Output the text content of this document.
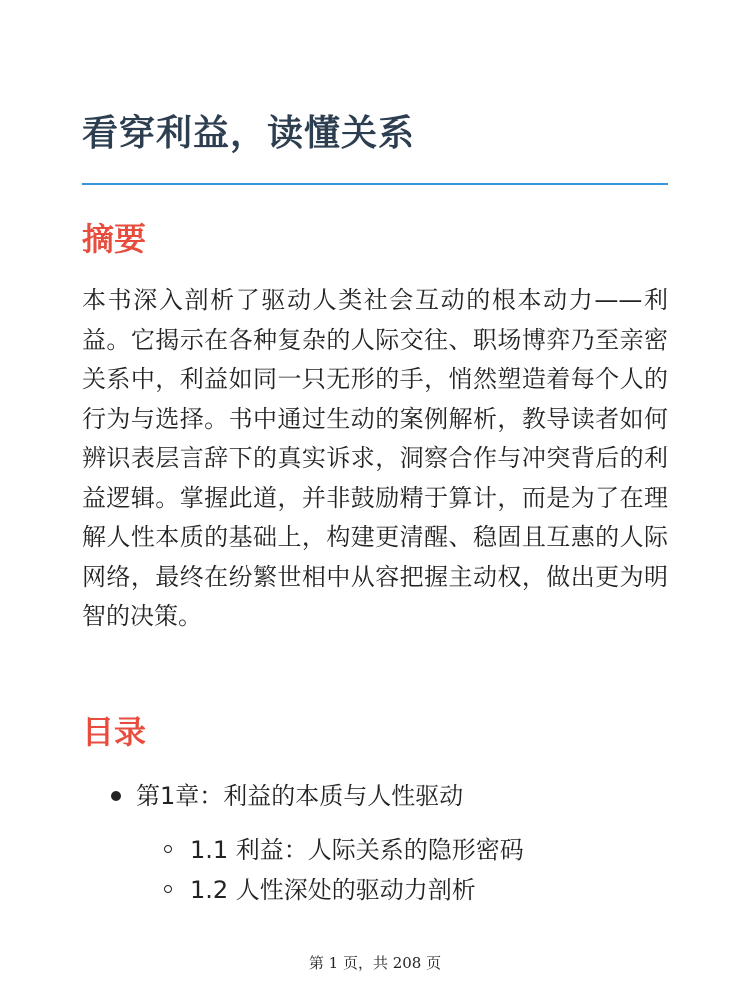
看穿利益，读懂关系
摘要

本书深入剖析了驱动人类社会互动的根本动力——利益。它揭示在各种复杂的人际交往、职场博弈乃至亲密关系中，利益如同一只无形的手，悄然塑造着每个人的行为与选择。书中通过生动的案例解析，教导读者如何辨识表层言辞下的真实诉求，洞察合作与冲突背后的利益逻辑。掌握此道，并非鼓励精于算计，而是为了在理解人性本质的基础上，构建更清醒、稳固且互惠的人际网络，最终在纷繁世相中从容把握主动权，做出更为明智的决策。

目录
第1章：利益的本质与人性驱动
1.1 利益：人际关系的隐形密码
1.2 人性深处的驱动力剖析
第 1 页，共 208 页
